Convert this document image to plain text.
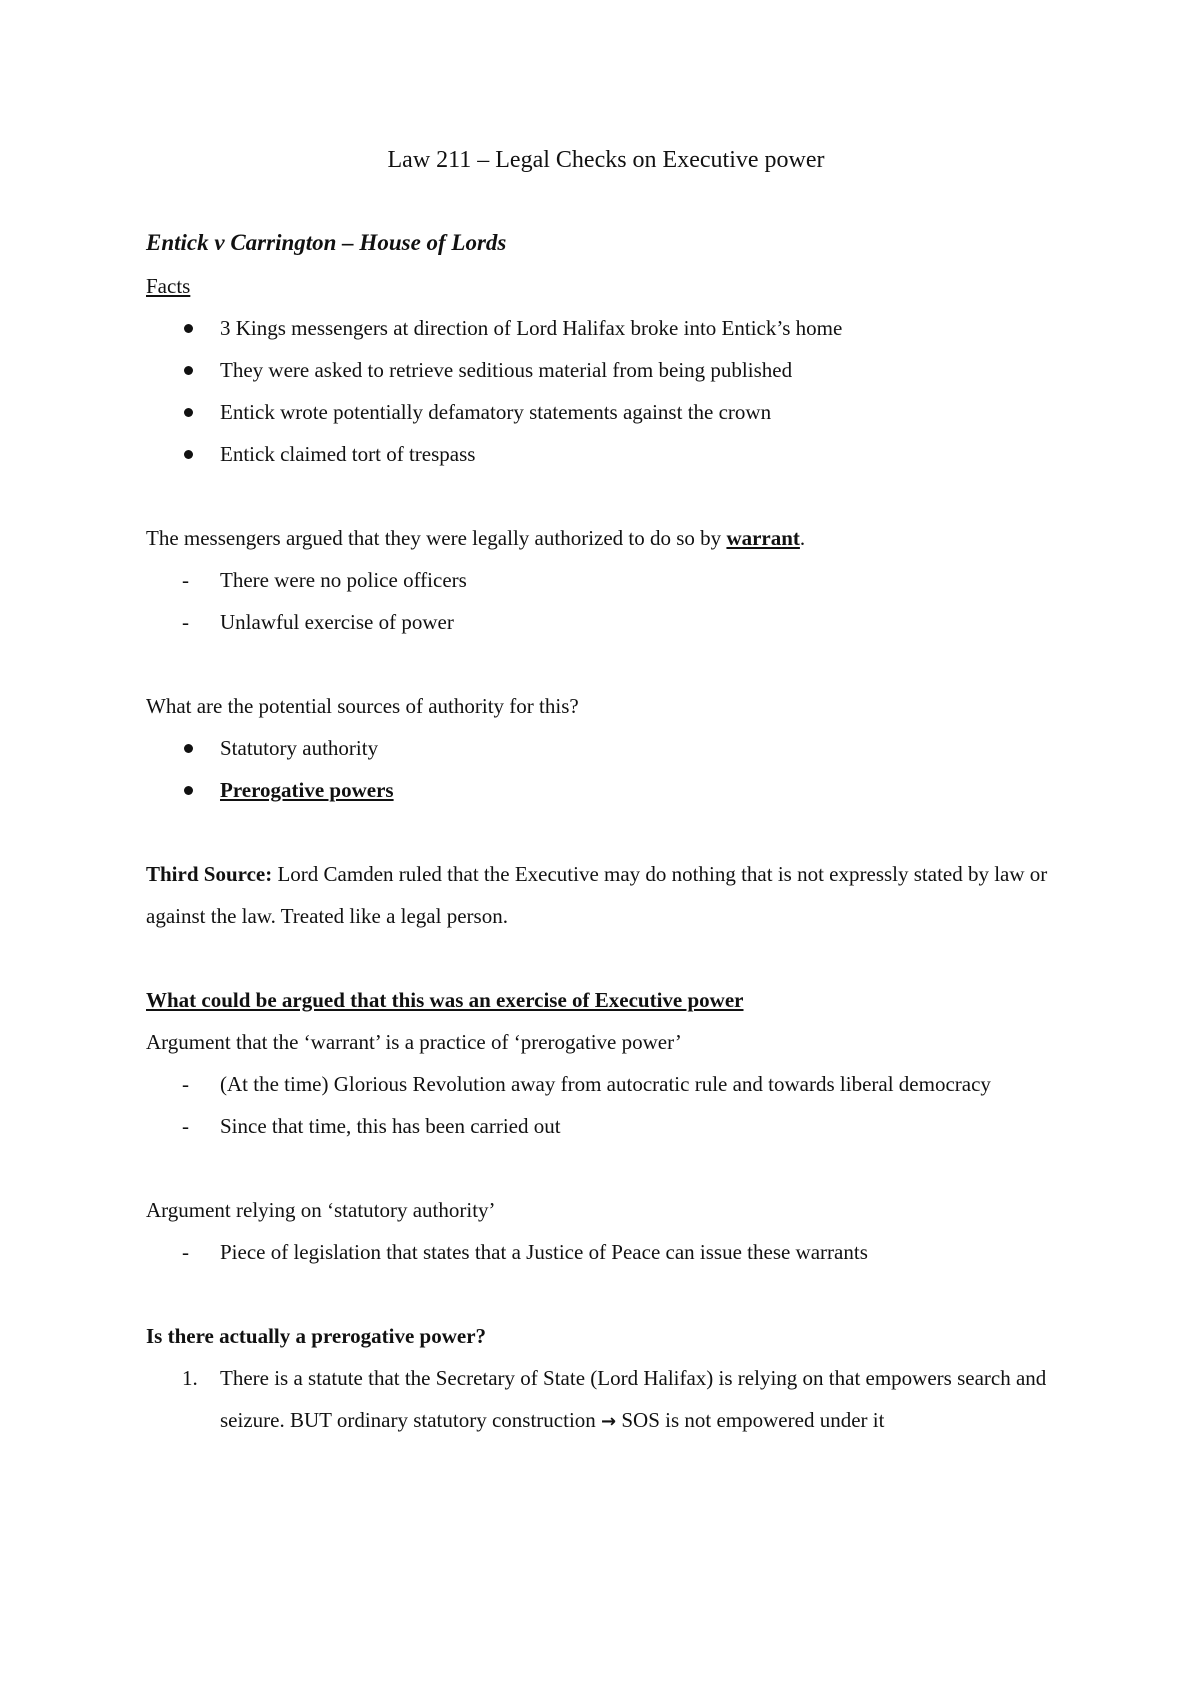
Law 211 – Legal Checks on Executive power
Entick v Carrington – House of Lords
Facts
3 Kings messengers at direction of Lord Halifax broke into Entick’s home
They were asked to retrieve seditious material from being published
Entick wrote potentially defamatory statements against the crown
Entick claimed tort of trespass
The messengers argued that they were legally authorized to do so by warrant.
-	There were no police officers
-	Unlawful exercise of power
What are the potential sources of authority for this?
Statutory authority
Prerogative powers
Third Source: Lord Camden ruled that the Executive may do nothing that is not expressly stated by law or against the law. Treated like a legal person.
What could be argued that this was an exercise of Executive power
Argument that the ‘warrant’ is a practice of ‘prerogative power’
-	(At the time) Glorious Revolution away from autocratic rule and towards liberal democracy
-	Since that time, this has been carried out
Argument relying on ‘statutory authority’
-	Piece of legislation that states that a Justice of Peace can issue these warrants
Is there actually a prerogative power?
1.	There is a statute that the Secretary of State (Lord Halifax) is relying on that empowers search and seizure. BUT ordinary statutory construction → SOS is not empowered under it
